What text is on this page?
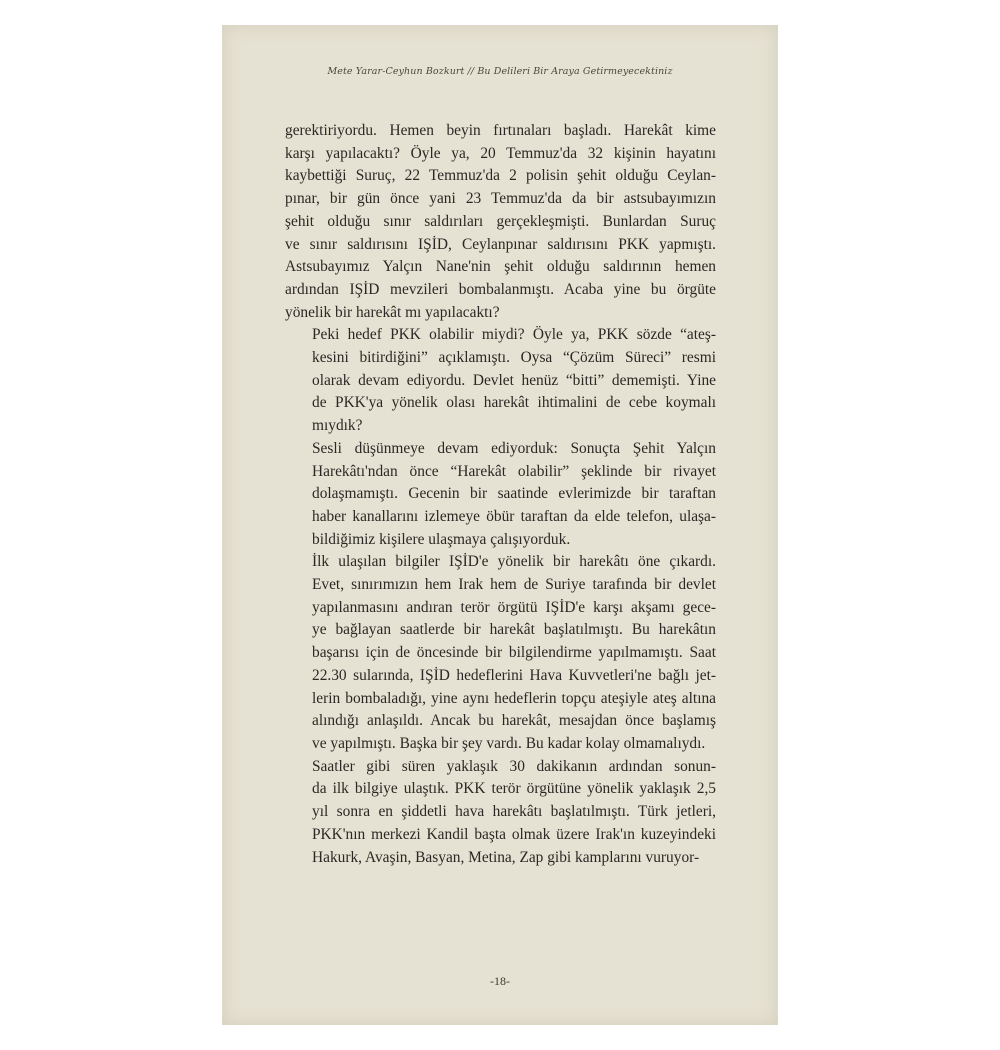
Mete Yarar-Ceyhun Bozkurt // Bu Delileri Bir Araya Getirmeyecektiniz

gerektiriyordu. Hemen beyin fırtınaları başladı. Harekât kime
karşı yapılacaktı? Öyle ya, 20 Temmuz'da 32 kişinin hayatını
kaybettiği Suruç, 22 Temmuz'da 2 polisin şehit olduğu Ceylan-
pınar, bir gün önce yani 23 Temmuz'da da bir astsubayımızın
şehit olduğu sınır saldırıları gerçekleşmişti. Bunlardan Suruç
ve sınır saldırısını IŞİD, Ceylanpınar saldırısını PKK yapmıştı.
Astsubayımız Yalçın Nane'nin şehit olduğu saldırının hemen
ardından IŞİD mevzileri bombalanmıştı. Acaba yine bu örgüte
yönelik bir harekât mı yapılacaktı?

Peki hedef PKK olabilir miydi? Öyle ya, PKK sözde “ateş-
kesini bitirdiğini” açıklamıştı. Oysa “Çözüm Süreci” resmi
olarak devam ediyordu. Devlet henüz “bitti” dememişti. Yine
de PKK'ya yönelik olası harekât ihtimalini de cebe koymalı
mıydık?

Sesli düşünmeye devam ediyorduk: Sonuçta Şehit Yalçın
Harekâtı'ndan önce “Harekât olabilir” şeklinde bir rivayet
dolaşmamıştı. Gecenin bir saatinde evlerimizde bir taraftan
haber kanallarını izlemeye öbür taraftan da elde telefon, ulaşa-
bildiğimiz kişilere ulaşmaya çalışıyorduk.

İlk ulaşılan bilgiler IŞİD'e yönelik bir harekâtı öne çıkardı.
Evet, sınırımızın hem Irak hem de Suriye tarafında bir devlet
yapılanmasını andıran terör örgütü IŞİD'e karşı akşamı gece-
ye bağlayan saatlerde bir harekât başlatılmıştı. Bu harekâtın
başarısı için de öncesinde bir bilgilendirme yapılmamıştı. Saat
22.30 sularında, IŞİD hedeflerini Hava Kuvvetleri'ne bağlı jet-
lerin bombaladığı, yine aynı hedeflerin topçu ateşiyle ateş altına
alındığı anlaşıldı. Ancak bu harekât, mesajdan önce başlamış
ve yapılmıştı. Başka bir şey vardı. Bu kadar kolay olmamalıydı.

Saatler gibi süren yaklaşık 30 dakikanın ardından sonun-
da ilk bilgiye ulaştık. PKK terör örgütüne yönelik yaklaşık 2,5
yıl sonra en şiddetli hava harekâtı başlatılmıştı. Türk jetleri,
PKK'nın merkezi Kandil başta olmak üzere Irak'ın kuzeyindeki
Hakurk, Avaşin, Basyan, Metina, Zap gibi kamplarını vuruyor-

-18-
